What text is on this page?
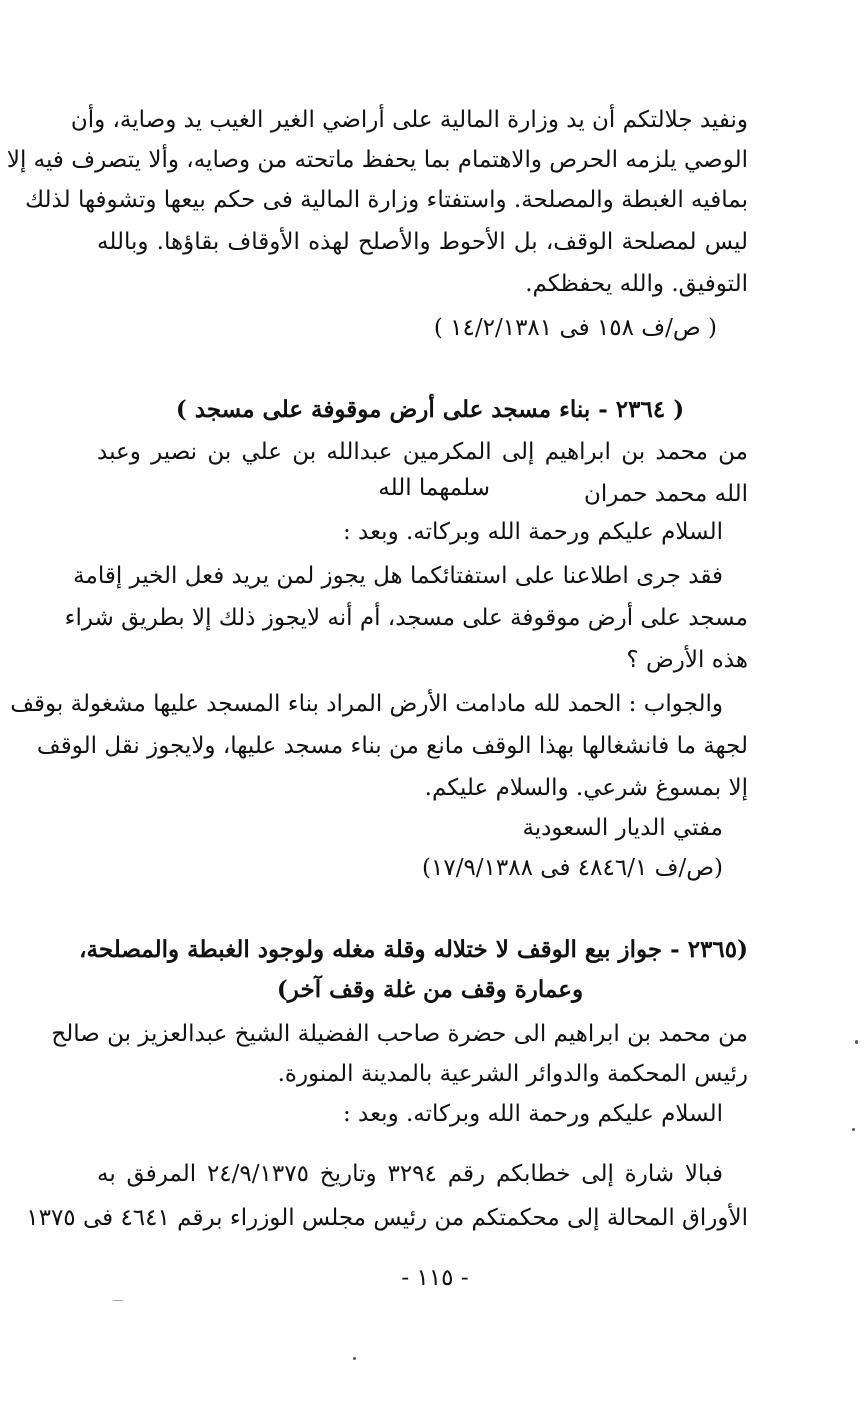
ونفيد جلالتكم أن يد وزارة المالية على أراضي الغير الغيب يد وصاية، وأن
الوصي يلزمه الحرص والاهتمام بما يحفظ ماتحته من وصايه، وألا يتصرف فيه إلا
بمافيه الغبطة والمصلحة. واستفتاء وزارة المالية فى حكم بيعها وتشوفها لذلك
ليس لمصلحة الوقف، بل الأحوط والأصلح لهذه الأوقاف بقاؤها. وبالله
التوفيق. والله يحفظكم.
( ص/ف ١٥٨ فى ١٤/٢/١٣٨١ )
( ٢٣٦٤ - بناء مسجد على أرض موقوفة على مسجد )
من محمد بن ابراهيم إلى المكرمين عبدالله بن علي بن نصير وعبد
الله محمد حمران
سلمهما الله
السلام عليكم ورحمة الله وبركاته. وبعد :
فقد جرى اطلاعنا على استفتائكما هل يجوز لمن يريد فعل الخير إقامة
مسجد على أرض موقوفة على مسجد، أم أنه لايجوز ذلك إلا بطريق شراء
هذه الأرض ؟
والجواب : الحمد لله مادامت الأرض المراد بناء المسجد عليها مشغولة بوقف
لجهة ما فانشغالها بهذا الوقف مانع من بناء مسجد عليها، ولايجوز نقل الوقف
إلا بمسوغ شرعي. والسلام عليكم.
مفتي الديار السعودية
(ص/ف ٤٨٤٦/١ فى ١٧/٩/١٣٨٨)
(٢٣٦٥ - جواز بيع الوقف لا ختلاله وقلة مغله ولوجود الغبطة والمصلحة،
وعمارة وقف من غلة وقف آخر)
من محمد بن ابراهيم الى حضرة صاحب الفضيلة الشيخ عبدالعزيز بن صالح
رئيس المحكمة والدوائر الشرعية بالمدينة المنورة.
السلام عليكم ورحمة الله وبركاته. وبعد :
فبالا شارة إلى خطابكم رقم ٣٢٩٤ وتاريخ ٢٤/٩/١٣٧٥ المرفق به
الأوراق المحالة إلى محكمتكم من رئيس مجلس الوزراء برقم ٤٦٤١ فى ١٣٧٥
- ١١٥ -
